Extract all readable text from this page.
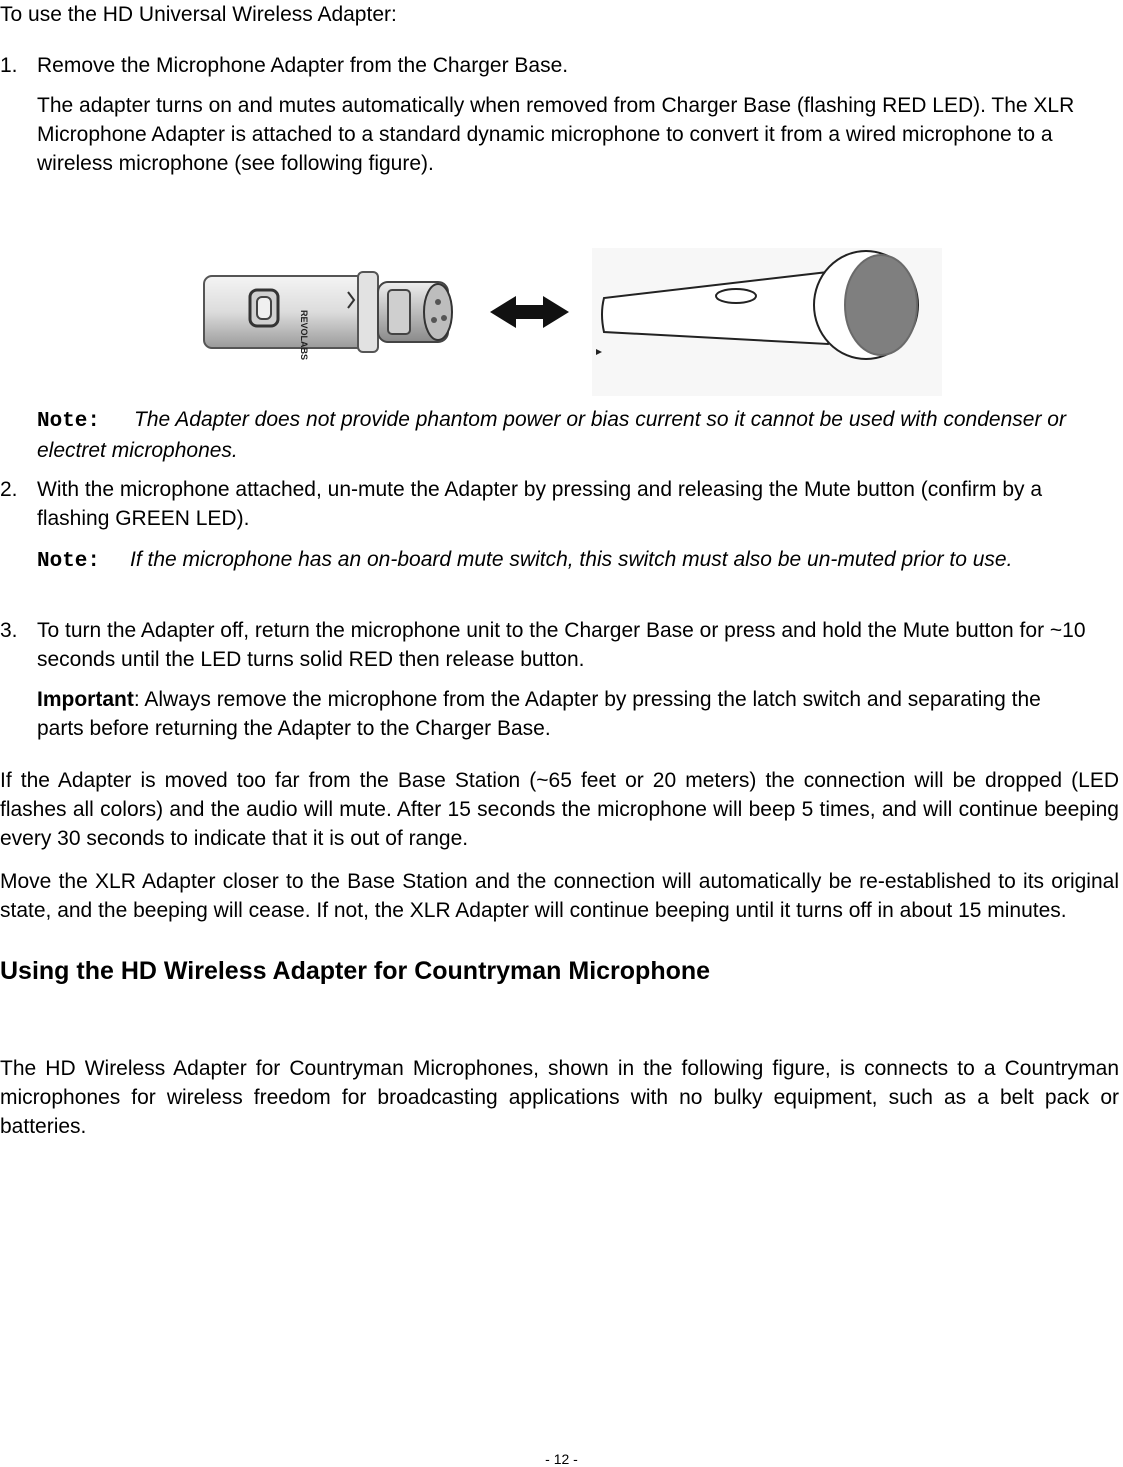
To use the HD Universal Wireless Adapter:

1. Remove the Microphone Adapter from the Charger Base.

The adapter turns on and mutes automatically when removed from Charger Base (flashing RED LED). The XLR Microphone Adapter is attached to a standard dynamic microphone to convert it from a wired microphone to a wireless microphone (see following figure).

REVOLABS

Note: The Adapter does not provide phantom power or bias current so it cannot be used with condenser or electret microphones.

2. With the microphone attached, un-mute the Adapter by pressing and releasing the Mute button (confirm by a flashing GREEN LED).

Note: If the microphone has an on-board mute switch, this switch must also be un-muted prior to use.

3. To turn the Adapter off, return the microphone unit to the Charger Base or press and hold the Mute button for ~10 seconds until the LED turns solid RED then release button.

Important: Always remove the microphone from the Adapter by pressing the latch switch and separating the parts before returning the Adapter to the Charger Base.

If the Adapter is moved too far from the Base Station (~65 feet or 20 meters) the connection will be dropped (LED flashes all colors) and the audio will mute. After 15 seconds the microphone will beep 5 times, and will continue beeping every 30 seconds to indicate that it is out of range.

Move the XLR Adapter closer to the Base Station and the connection will automatically be re-established to its original state, and the beeping will cease. If not, the XLR Adapter will continue beeping until it turns off in about 15 minutes.

Using the HD Wireless Adapter for Countryman Microphone

The HD Wireless Adapter for Countryman Microphones, shown in the following figure, is connects to a Countryman microphones for wireless freedom for broadcasting applications with no bulky equipment, such as a belt pack or batteries.

- 12 -
